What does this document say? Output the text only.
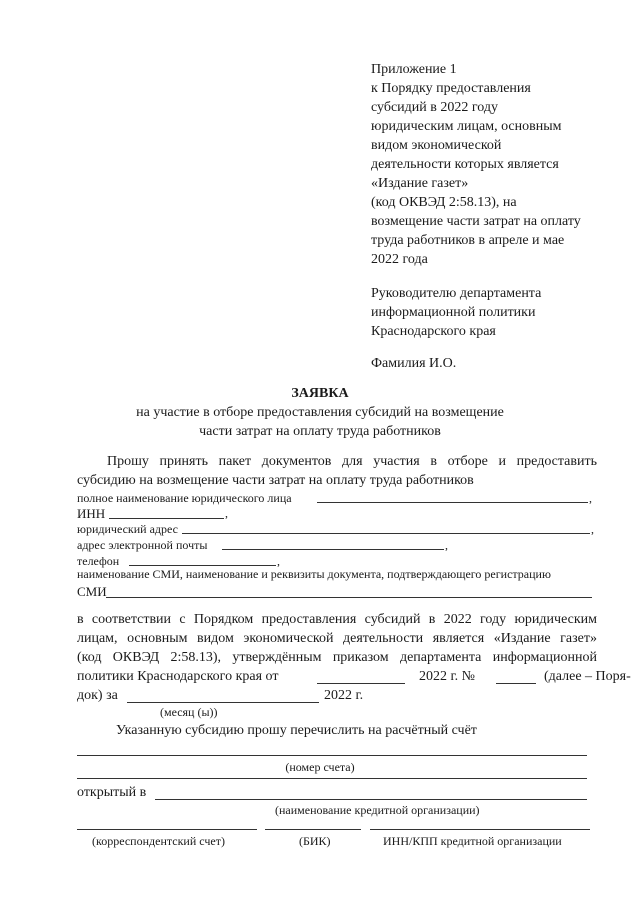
Приложение 1
к Порядку предоставления
субсидий в 2022 году
юридическим лицам, основным
видом экономической
деятельности которых является
«Издание газет»
(код ОКВЭД 2:58.13), на
возмещение части затрат на оплату
труда работников в апреле и мае
2022 года
Руководителю департамента
информационной политики
Краснодарского края
Фамилия И.О.
ЗАЯВКА
на участие в отборе предоставления субсидий на возмещение
части затрат на оплату труда работников
Прошу принять пакет документов для участия в отборе и предоставить
субсидию на возмещение части затрат на оплату труда работников
полное наименование юридического лица	,
ИНН	,
юридический адрес	,
адрес электронной почты	,
телефон	,
наименование СМИ, наименование и реквизиты документа, подтверждающего регистрацию
СМИ
в соответствии с Порядком предоставления субсидий в 2022 году юридическим
лицам, основным видом экономической деятельности является «Издание газет»
(код ОКВЭД 2:58.13), утверждённым приказом департамента информационной
политики Краснодарского края от	2022 г. №	(далее – Поря-
док) за	2022 г.
(месяц (ы))
Указанную субсидию прошу перечислить на расчётный счёт
(номер счета)
открытый в
(наименование кредитной организации)
(корреспондентский счет)	(БИК)	ИНН/КПП кредитной организации
